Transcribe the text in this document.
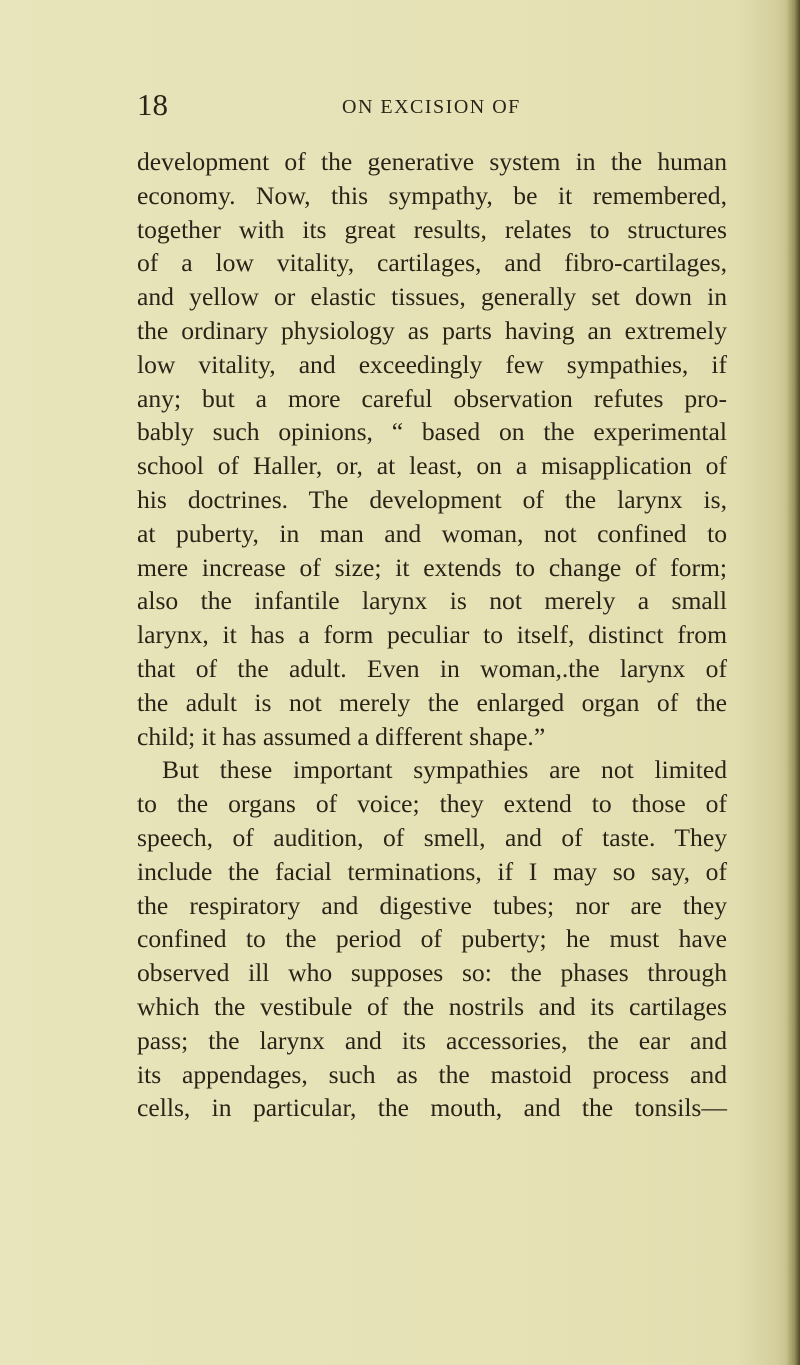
18	ON EXCISION OF
development of the generative system in the human
economy. Now, this sympathy, be it remembered,
together with its great results, relates to structures
of a low vitality, cartilages, and fibro-cartilages,
and yellow or elastic tissues, generally set down in
the ordinary physiology as parts having an extremely
low vitality, and exceedingly few sympathies, if
any; but a more careful observation refutes pro-
bably such opinions, “ based on the experimental
school of Haller, or, at least, on a misapplication of
his doctrines. The development of the larynx is,
at puberty, in man and woman, not confined to
mere increase of size; it extends to change of form;
also the infantile larynx is not merely a small
larynx, it has a form peculiar to itself, distinct from
that of the adult. Even in woman,.the larynx of
the adult is not merely the enlarged organ of the
child; it has assumed a different shape.”
But these important sympathies are not limited
to the organs of voice; they extend to those of
speech, of audition, of smell, and of taste. They
include the facial terminations, if I may so say, of
the respiratory and digestive tubes; nor are they
confined to the period of puberty; he must have
observed ill who supposes so: the phases through
which the vestibule of the nostrils and its cartilages
pass; the larynx and its accessories, the ear and
its appendages, such as the mastoid process and
cells, in particular, the mouth, and the tonsils—
